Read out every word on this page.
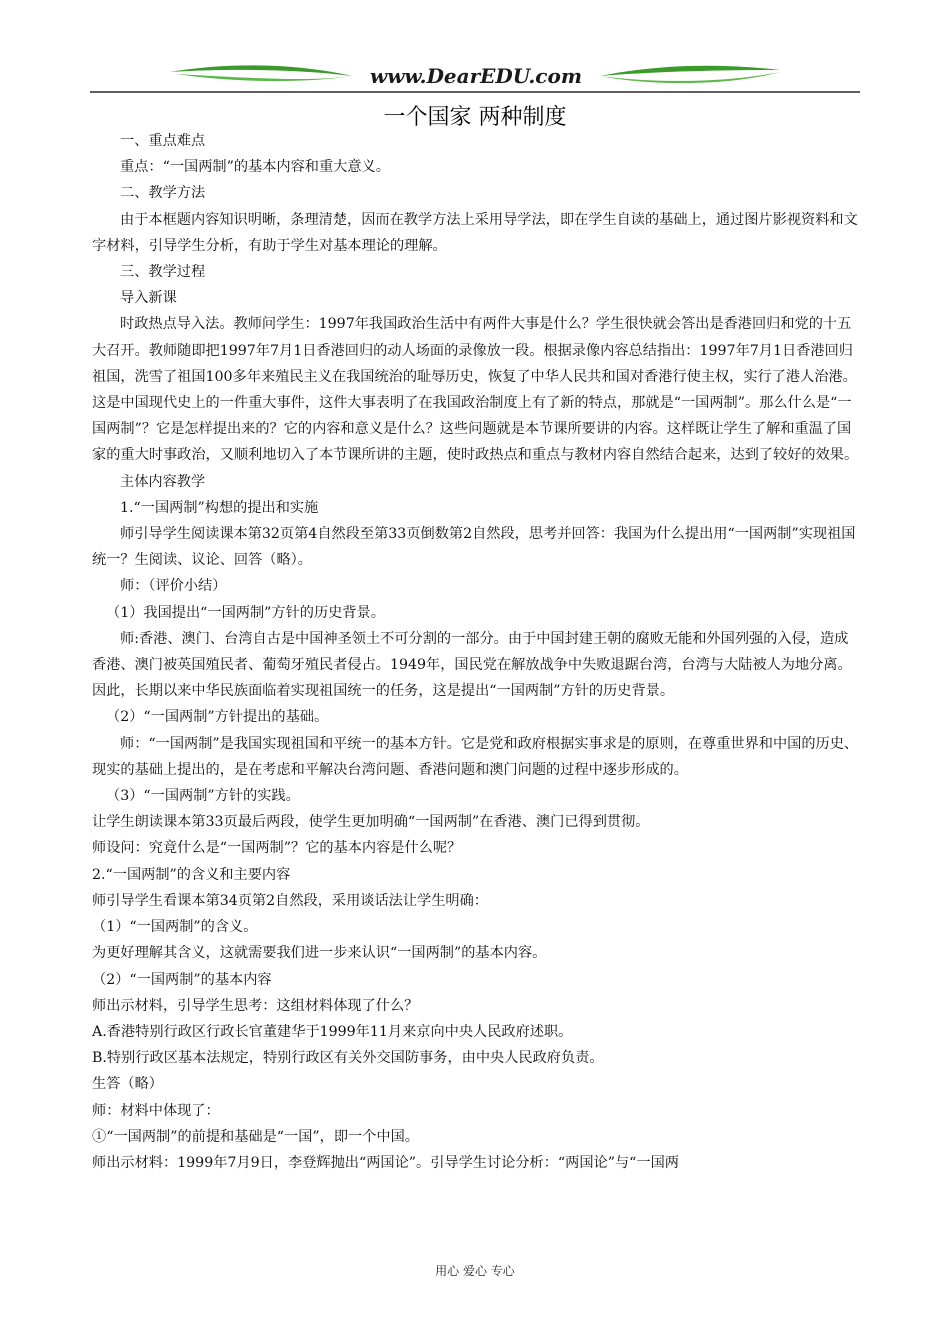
www.DearEDU.com
一个国家 两种制度

一、重点难点

重点：“一国两制”的基本内容和重大意义。

二、教学方法

由于本框题内容知识明晰，条理清楚，因而在教学方法上采用导学法，即在学生自读的基础上，通过图片影视资料和文字材料，引导学生分析，有助于学生对基本理论的理解。

三、教学过程

导入新课

时政热点导入法。教师问学生：1997年我国政治生活中有两件大事是什么？学生很快就会答出是香港回归和党的十五大召开。教师随即把1997年7月1日香港回归的动人场面的录像放一段。根据录像内容总结指出：1997年7月1日香港回归祖国，洗雪了祖国100多年来殖民主义在我国统治的耻辱历史，恢复了中华人民共和国对香港行使主权，实行了港人治港。这是中国现代史上的一件重大事件，这件大事表明了在我国政治制度上有了新的特点，那就是“一国两制”。那么什么是“一国两制”？它是怎样提出来的？它的内容和意义是什么？这些问题就是本节课所要讲的内容。这样既让学生了解和重温了国家的重大时事政治，又顺利地切入了本节课所讲的主题，使时政热点和重点与教材内容自然结合起来，达到了较好的效果。

主体内容教学

1.“一国两制”构想的提出和实施

师引导学生阅读课本第32页第4自然段至第33页倒数第2自然段，思考并回答：我国为什么提出用“一国两制”实现祖国统一？生阅读、议论、回答（略）。

师：（评价小结）

（1）我国提出“一国两制”方针的历史背景。

师:香港、澳门、台湾自古是中国神圣领土不可分割的一部分。由于中国封建王朝的腐败无能和外国列强的入侵，造成香港、澳门被英国殖民者、葡萄牙殖民者侵占。1949年，国民党在解放战争中失败退踞台湾，台湾与大陆被人为地分离。因此，长期以来中华民族面临着实现祖国统一的任务，这是提出“一国两制”方针的历史背景。

（2）“一国两制”方针提出的基础。

师：“一国两制”是我国实现祖国和平统一的基本方针。它是党和政府根据实事求是的原则，在尊重世界和中国的历史、现实的基础上提出的，是在考虑和平解决台湾问题、香港问题和澳门问题的过程中逐步形成的。

（3）“一国两制”方针的实践。

让学生朗读课本第33页最后两段，使学生更加明确“一国两制”在香港、澳门已得到贯彻。

师设问：究竟什么是“一国两制”？它的基本内容是什么呢？

2.“一国两制”的含义和主要内容

师引导学生看课本第34页第2自然段，采用谈话法让学生明确：

（1）“一国两制”的含义。

为更好理解其含义，这就需要我们进一步来认识“一国两制”的基本内容。

（2）“一国两制”的基本内容

师出示材料，引导学生思考：这组材料体现了什么？

A.香港特别行政区行政长官董建华于1999年11月来京向中央人民政府述职。

B.特别行政区基本法规定，特别行政区有关外交国防事务，由中央人民政府负责。

生答（略）

师：材料中体现了：

①“一国两制”的前提和基础是“一国”，即一个中国。

师出示材料：1999年7月9日，李登辉抛出“两国论”。引导学生讨论分析：“两国论”与“一国两

用心 爱心 专心
